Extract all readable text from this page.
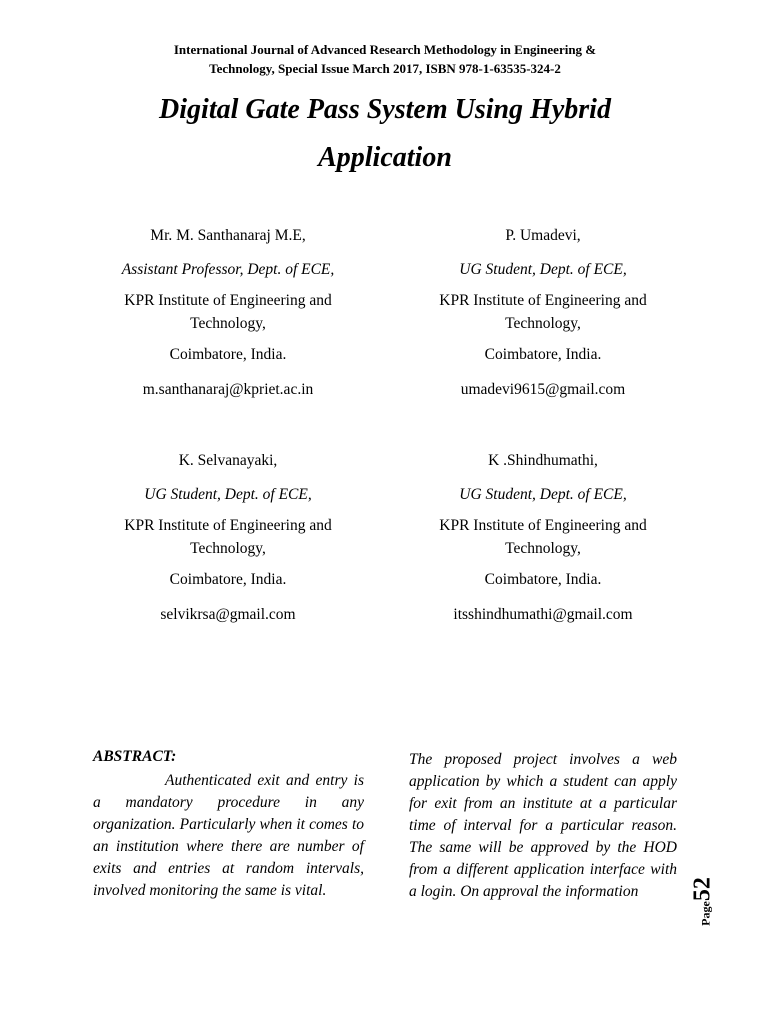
International Journal of Advanced Research Methodology in Engineering &
Technology, Special Issue March 2017, ISBN 978-1-63535-324-2
Digital Gate Pass System Using Hybrid
Application
Mr. M. Santhanaraj M.E,
Assistant Professor, Dept. of ECE,
KPR Institute of Engineering and
Technology,
Coimbatore, India.
m.santhanaraj@kpriet.ac.in
P. Umadevi,
UG Student, Dept. of ECE,
KPR Institute of Engineering and
Technology,
Coimbatore, India.
umadevi9615@gmail.com
K. Selvanayaki,
UG Student, Dept. of ECE,
KPR Institute of Engineering and
Technology,
Coimbatore, India.
selvikrsa@gmail.com
K .Shindhumathi,
UG Student, Dept. of ECE,
KPR Institute of Engineering and
Technology,
Coimbatore, India.
itsshindhumathi@gmail.com

ABSTRACT:

Authenticated exit and entry is a mandatory procedure in any organization. Particularly when it comes to an institution where there are number of exits and entries at random intervals, involved monitoring the same is vital.

The proposed project involves a web application by which a student can apply for exit from an institute at a particular time of interval for a particular reason. The same will be approved by the HOD from a different application interface with a login. On approval the information

Page52
